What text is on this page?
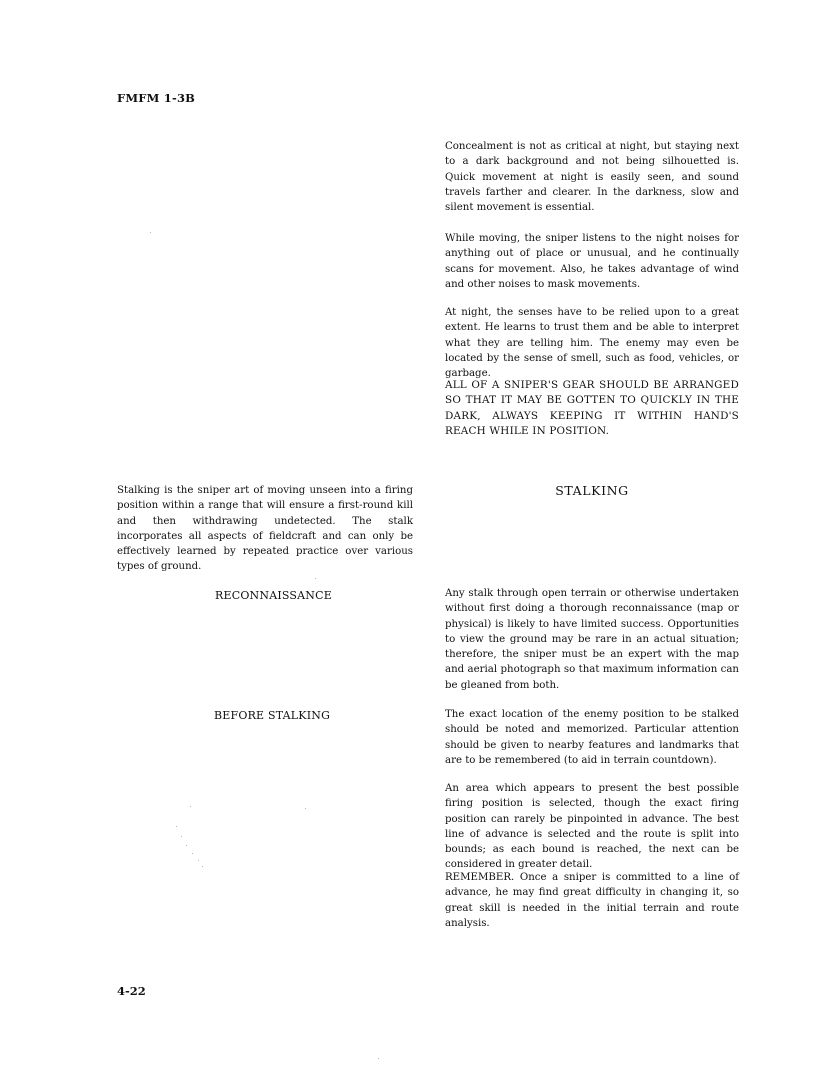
FMFM 1-3B

Concealment is not as critical at night, but staying next to a dark background and not being silhouetted is. Quick movement at night is easily seen, and sound travels farther and clearer. In the darkness, slow and silent movement is essential.

While moving, the sniper listens to the night noises for anything out of place or unusual, and he continually scans for movement. Also, he takes advantage of wind and other noises to mask movements.

At night, the senses have to be relied upon to a great extent. He learns to trust them and be able to interpret what they are telling him. The enemy may even be located by the sense of smell, such as food, vehicles, or garbage.

ALL OF A SNIPER'S GEAR SHOULD BE ARRANGED SO THAT IT MAY BE GOTTEN TO QUICKLY IN THE DARK, ALWAYS KEEPING IT WITHIN HAND'S REACH WHILE IN POSITION.

STALKING

Stalking is the sniper art of moving unseen into a firing position within a range that will ensure a first-round kill and then withdrawing undetected. The stalk incorporates all aspects of fieldcraft and can only be effectively learned by repeated practice over various types of ground.

RECONNAISSANCE	Any stalk through open terrain or otherwise undertaken without first doing a thorough reconnaissance (map or physical) is likely to have limited success. Opportunities to view the ground may be rare in an actual situation; therefore, the sniper must be an expert with the map and aerial photograph so that maximum information can be gleaned from both.

BEFORE STALKING	The exact location of the enemy position to be stalked should be noted and memorized. Particular attention should be given to nearby features and landmarks that are to be remembered (to aid in terrain countdown).

An area which appears to present the best possible firing position is selected, though the exact firing position can rarely be pinpointed in advance. The best line of advance is selected and the route is split into bounds; as each bound is reached, the next can be considered in greater detail.

REMEMBER. Once a sniper is committed to a line of advance, he may find great difficulty in changing it, so great skill is needed in the initial terrain and route analysis.

4-22
